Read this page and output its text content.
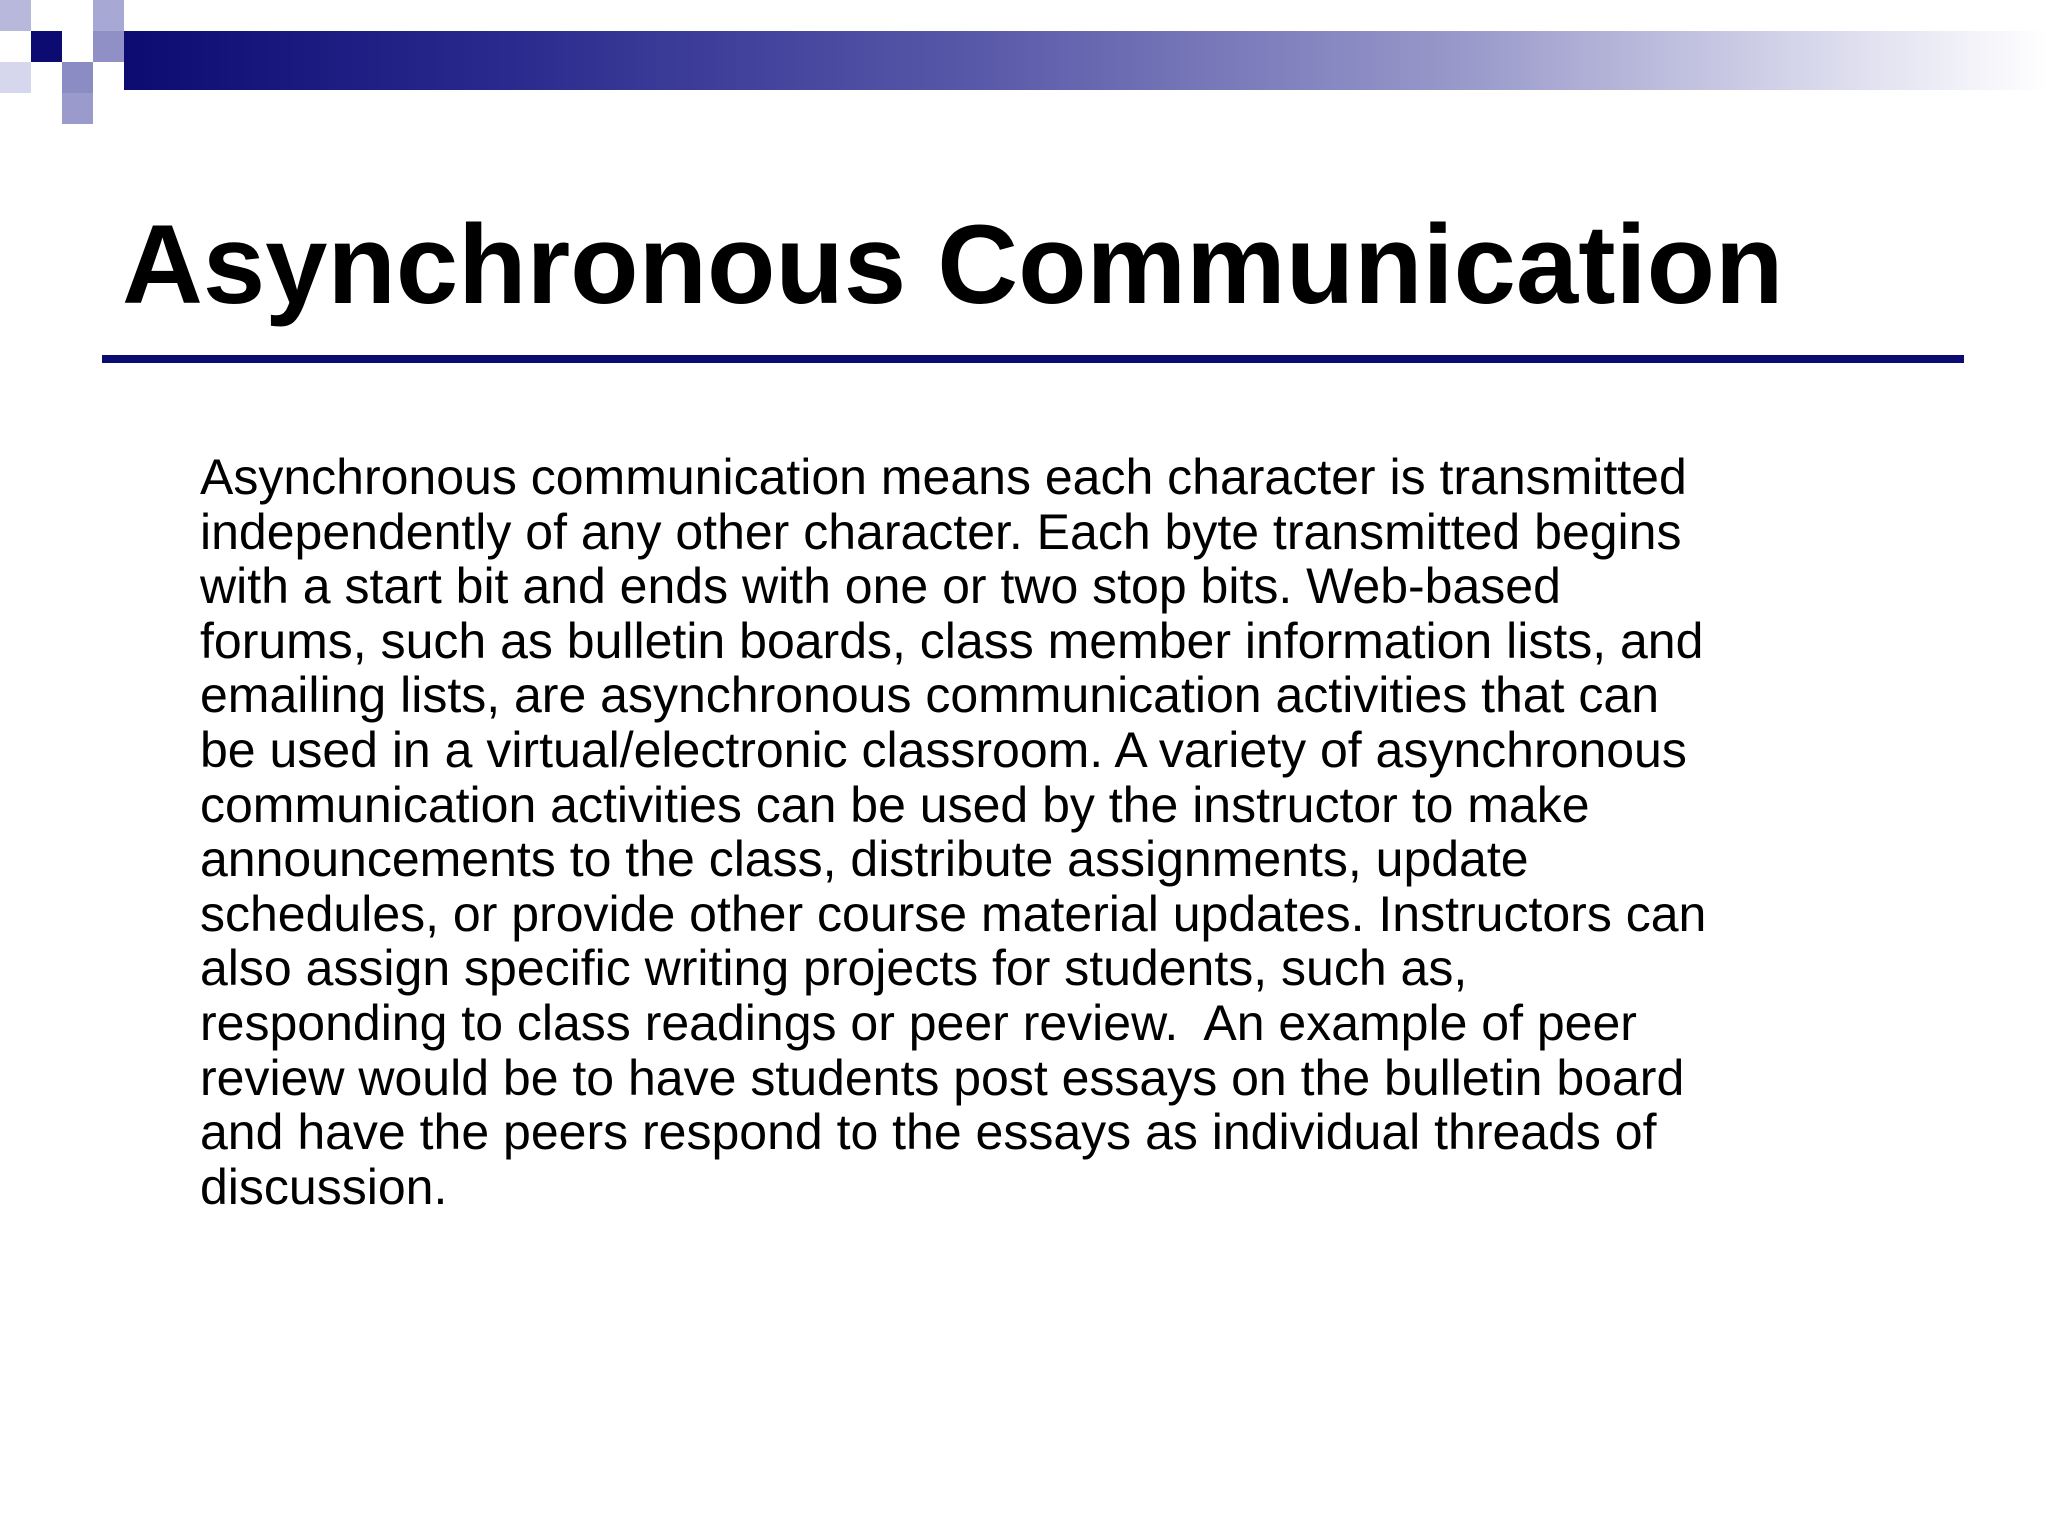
Asynchronous Communication
Asynchronous communication means each character is transmitted
independently of any other character. Each byte transmitted begins
with a start bit and ends with one or two stop bits. Web-based
forums, such as bulletin boards, class member information lists, and
emailing lists, are asynchronous communication activities that can
be used in a virtual/electronic classroom. A variety of asynchronous
communication activities can be used by the instructor to make
announcements to the class, distribute assignments, update
schedules, or provide other course material updates. Instructors can
also assign specific writing projects for students, such as,
responding to class readings or peer review.  An example of peer
review would be to have students post essays on the bulletin board
and have the peers respond to the essays as individual threads of
discussion.
